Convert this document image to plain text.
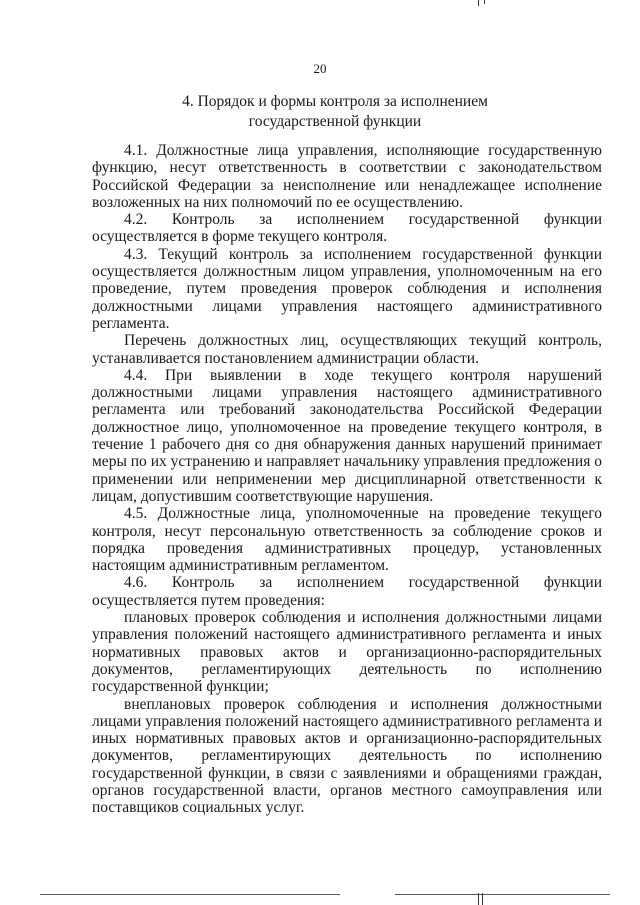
20
4. Порядок и формы контроля за исполнением
государственной функции

4.1. Должностные лица управления, исполняющие государственную функцию, несут ответственность в соответствии с законодательством Российской Федерации за неисполнение или ненадлежащее исполнение возложенных на них полномочий по ее осуществлению.

4.2. Контроль за исполнением государственной функции осуществляется в форме текущего контроля.

4.3. Текущий контроль за исполнением государственной функции осуществляется должностным лицом управления, уполномоченным на его проведение, путем проведения проверок соблюдения и исполнения должностными лицами управления настоящего административного регламента.

Перечень должностных лиц, осуществляющих текущий контроль, устанавливается постановлением администрации области.

4.4. При выявлении в ходе текущего контроля нарушений должностными лицами управления настоящего административного регламента или требований законодательства Российской Федерации должностное лицо, уполномоченное на проведение текущего контроля, в течение 1 рабочего дня со дня обнаружения данных нарушений принимает меры по их устранению и направляет начальнику управления предложения о применении или неприменении мер дисциплинарной ответственности к лицам, допустившим соответствующие нарушения.

4.5. Должностные лица, уполномоченные на проведение текущего контроля, несут персональную ответственность за соблюдение сроков и порядка проведения административных процедур, установленных настоящим административным регламентом.

4.6. Контроль за исполнением государственной функции осуществляется путем проведения:

плановых проверок соблюдения и исполнения должностными лицами управления положений настоящего административного регламента и иных нормативных правовых актов и организационно-распорядительных документов, регламентирующих деятельность по исполнению государственной функции;

внеплановых проверок соблюдения и исполнения должностными лицами управления положений настоящего административного регламента и иных нормативных правовых актов и организационно-распорядительных документов, регламентирующих деятельность по исполнению государственной функции, в связи с заявлениями и обращениями граждан, органов государственной власти, органов местного самоуправления или поставщиков социальных услуг.
